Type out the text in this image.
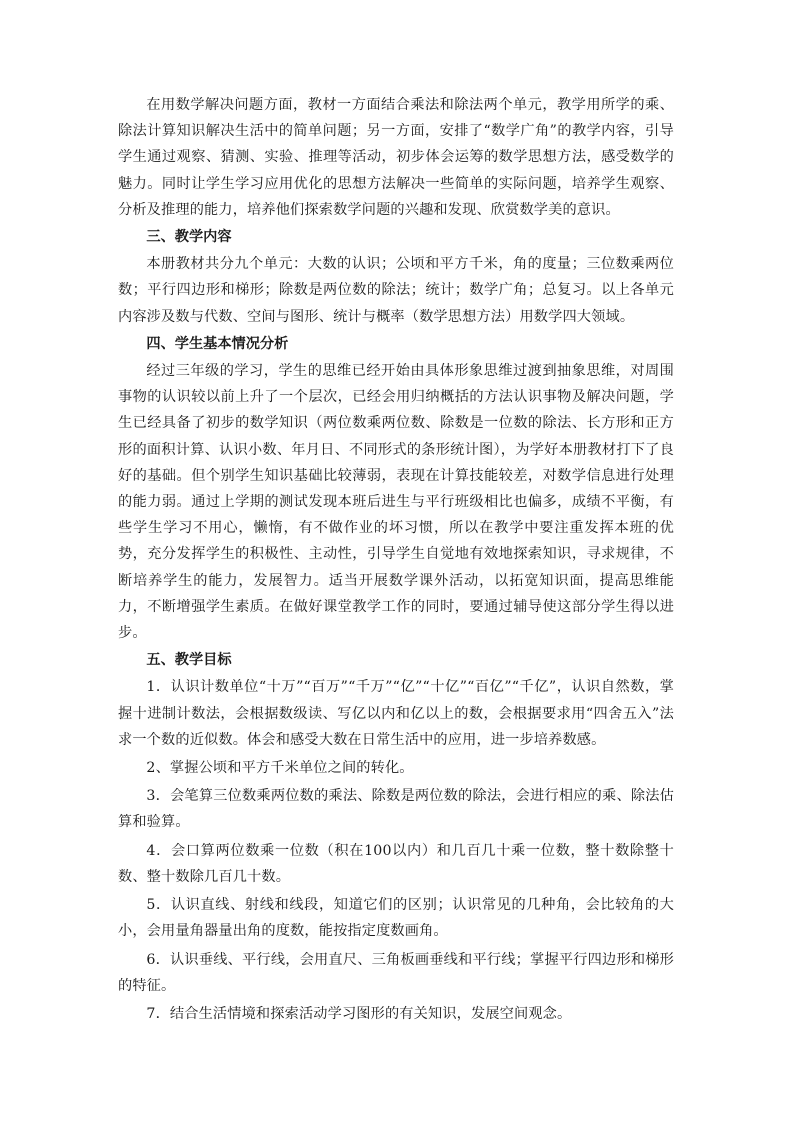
在用数学解决问题方面，教材一方面结合乘法和除法两个单元，教学用所学的乘、除法计算知识解决生活中的简单问题；另一方面，安排了“数学广角”的教学内容，引导学生通过观察、猜测、实验、推理等活动，初步体会运筹的数学思想方法，感受数学的魅力。同时让学生学习应用优化的思想方法解决一些简单的实际问题，培养学生观察、分析及推理的能力，培养他们探索数学问题的兴趣和发现、欣赏数学美的意识。

三、教学内容

本册教材共分九个单元：大数的认识；公顷和平方千米，角的度量；三位数乘两位数；平行四边形和梯形；除数是两位数的除法；统计；数学广角；总复习。以上各单元内容涉及数与代数、空间与图形、统计与概率（数学思想方法）用数学四大领域。

四、学生基本情况分析

经过三年级的学习，学生的思维已经开始由具体形象思维过渡到抽象思维，对周围事物的认识较以前上升了一个层次，已经会用归纳概括的方法认识事物及解决问题，学生已经具备了初步的数学知识（两位数乘两位数、除数是一位数的除法、长方形和正方形的面积计算、认识小数、年月日、不同形式的条形统计图），为学好本册教材打下了良好的基础。但个别学生知识基础比较薄弱，表现在计算技能较差，对数学信息进行处理的能力弱。通过上学期的测试发现本班后进生与平行班级相比也偏多，成绩不平衡，有些学生学习不用心，懒惰，有不做作业的坏习惯，所以在教学中要注重发挥本班的优势，充分发挥学生的积极性、主动性，引导学生自觉地有效地探索知识，寻求规律，不断培养学生的能力，发展智力。适当开展数学课外活动，以拓宽知识面，提高思维能力，不断增强学生素质。在做好课堂教学工作的同时，要通过辅导使这部分学生得以进步。

五、教学目标

1．认识计数单位“十万”“百万”“千万”“亿”“十亿”“百亿”“千亿”，认识自然数，掌握十进制计数法，会根据数级读、写亿以内和亿以上的数，会根据要求用“四舍五入”法求一个数的近似数。体会和感受大数在日常生活中的应用，进一步培养数感。

2、掌握公顷和平方千米单位之间的转化。

3．会笔算三位数乘两位数的乘法、除数是两位数的除法，会进行相应的乘、除法估算和验算。

4．会口算两位数乘一位数（积在100以内）和几百几十乘一位数，整十数除整十数、整十数除几百几十数。

5．认识直线、射线和线段，知道它们的区别；认识常见的几种角，会比较角的大小，会用量角器量出角的度数，能按指定度数画角。

6．认识垂线、平行线，会用直尺、三角板画垂线和平行线；掌握平行四边形和梯形的特征。

7．结合生活情境和探索活动学习图形的有关知识，发展空间观念。
